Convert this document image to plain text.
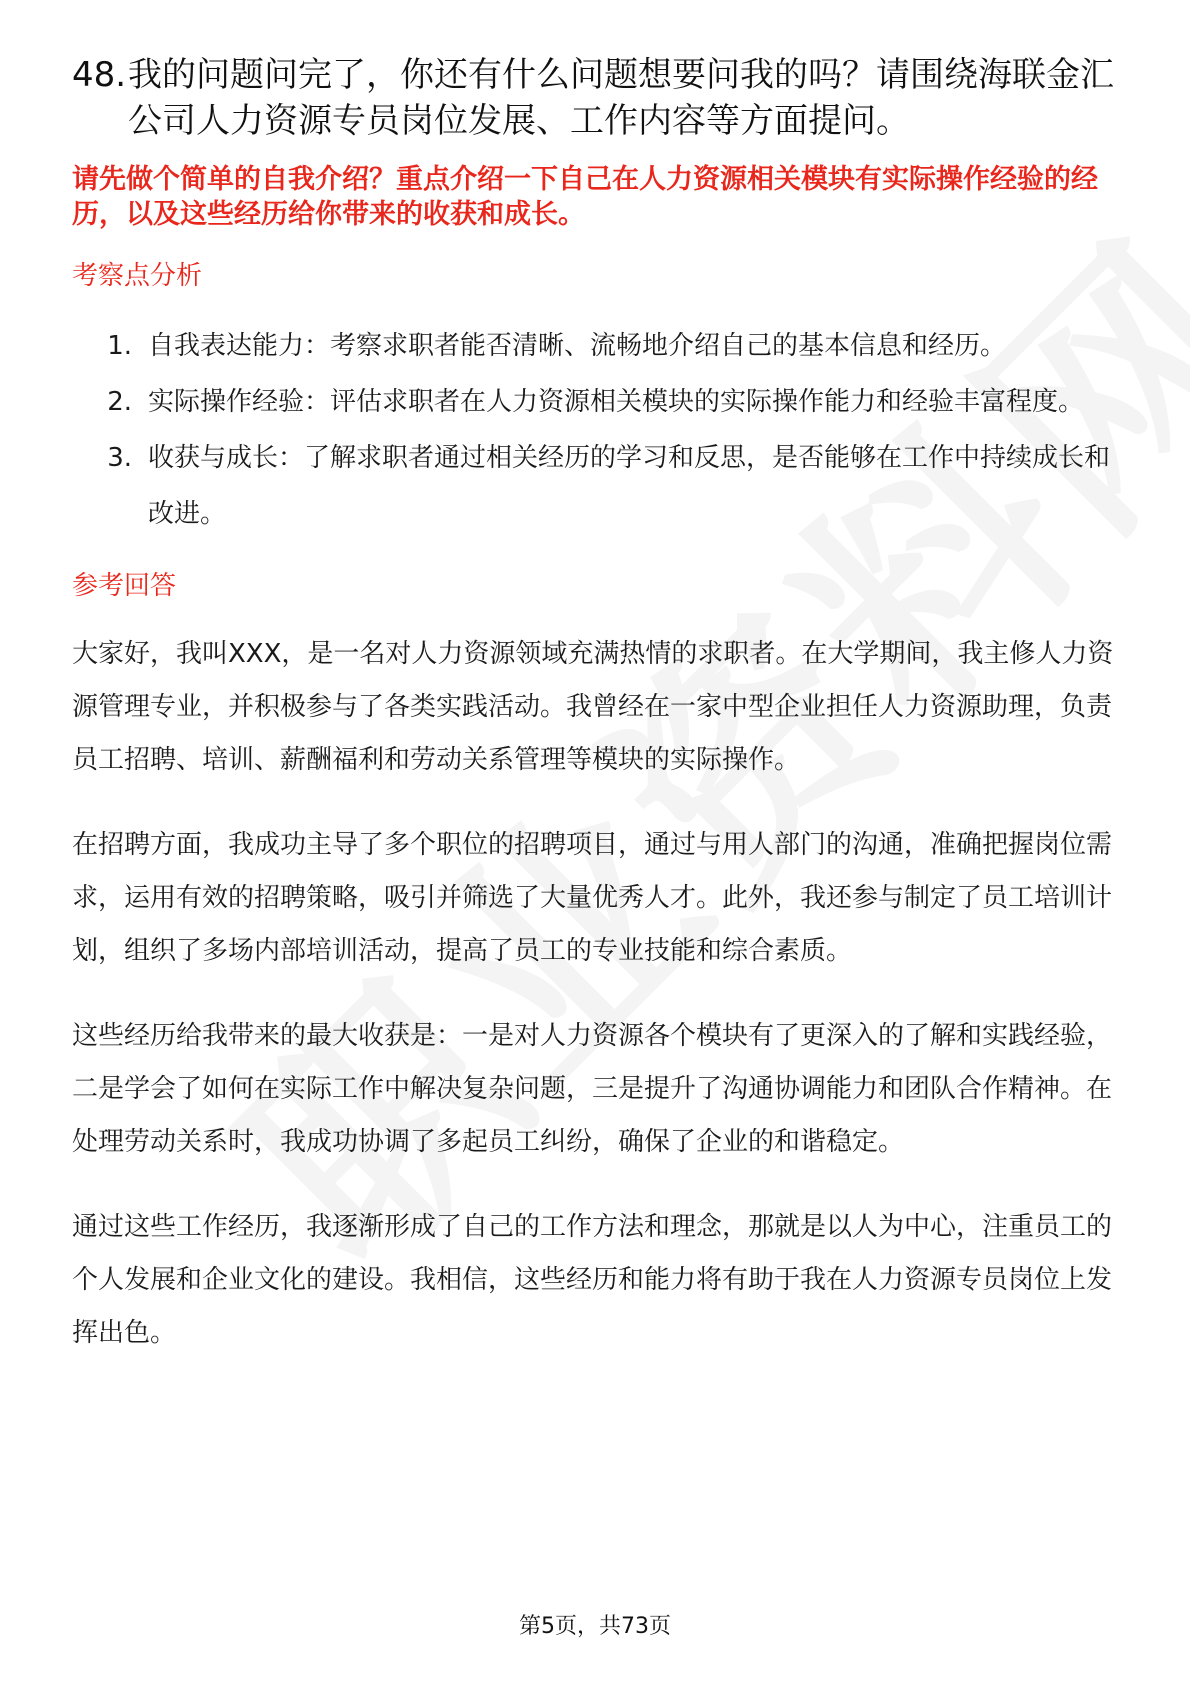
48. 我的问题问完了，你还有什么问题想要问我的吗？请围绕海联金汇公司人力资源专员岗位发展、工作内容等方面提问。
请先做个简单的自我介绍？重点介绍一下自己在人力资源相关模块有实际操作经验的经历，以及这些经历给你带来的收获和成长。
考察点分析
1. 自我表达能力：考察求职者能否清晰、流畅地介绍自己的基本信息和经历。
2. 实际操作经验：评估求职者在人力资源相关模块的实际操作能力和经验丰富程度。
3. 收获与成长：了解求职者通过相关经历的学习和反思，是否能够在工作中持续成长和改进。
参考回答

大家好，我叫XXX，是一名对人力资源领域充满热情的求职者。在大学期间，我主修人力资源管理专业，并积极参与了各类实践活动。我曾经在一家中型企业担任人力资源助理，负责员工招聘、培训、薪酬福利和劳动关系管理等模块的实际操作。

在招聘方面，我成功主导了多个职位的招聘项目，通过与用人部门的沟通，准确把握岗位需求，运用有效的招聘策略，吸引并筛选了大量优秀人才。此外，我还参与制定了员工培训计划，组织了多场内部培训活动，提高了员工的专业技能和综合素质。

这些经历给我带来的最大收获是：一是对人力资源各个模块有了更深入的了解和实践经验，二是学会了如何在实际工作中解决复杂问题，三是提升了沟通协调能力和团队合作精神。在处理劳动关系时，我成功协调了多起员工纠纷，确保了企业的和谐稳定。

通过这些工作经历，我逐渐形成了自己的工作方法和理念，那就是以人为中心，注重员工的个人发展和企业文化的建设。我相信，这些经历和能力将有助于我在人力资源专员岗位上发挥出色。

第5页，共73页
